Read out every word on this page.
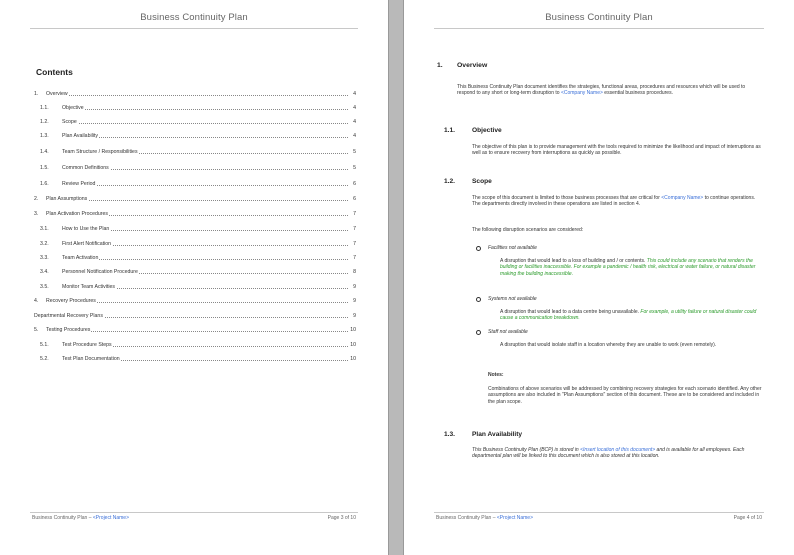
Business Continuity Plan
Contents
1. Overview	4
1.1.	Objective	4
1.2.	Scope	4
1.3.	Plan Availability	4
1.4.	Team Structure / Responsibilities	5
1.5.	Common Definitions	5
1.6.	Review Period	6
2. Plan Assumptions	6
3. Plan Activation Procedures	7
3.1.	How to Use the Plan	7
3.2.	First Alert Notification	7
3.3.	Team Activation	7
3.4.	Personnel Notification Procedure	8
3.5.	Monitor Team Activities	9
4. Recovery Procedures	9
Departmental Recovery Plans	9
5. Testing Procedures	10
5.1.	Test Procedure Steps	10
5.2.	Test Plan Documentation	10
Business Continuity Plan – <Project Name>	Page 3 of 10
Business Continuity Plan
1. Overview
This Business Continuity Plan document identifies the strategies, functional areas, procedures and resources which will be used to respond to any short or long-term disruption to <Company Name> essential business procedures.
1.1.	Objective
The objective of this plan is to provide management with the tools required to minimize the likelihood and impact of interruptions as well as to ensure recovery from interruptions as quickly as possible.
1.2.	Scope
The scope of this document is limited to those business processes that are critical for <Company Name> to continue operations. The departments directly involved in these operations are listed in section 4.
The following disruption scenarios are considered:
Facilities not available
A disruption that would lead to a loss of building and / or contents. This could include any scenario that renders the building or facilities inaccessible. For example a pandemic / health risk, electrical or water failure, or natural disaster making the building inaccessible.
Systems not available
A disruption that would lead to a data centre being unavailable. For example, a utility failure or natural disaster could cause a communication breakdown.
Staff not available
A disruption that would isolate staff in a location whereby they are unable to work (even remotely).
Notes:
Combinations of above scenarios will be addressed by combining recovery strategies for each scenario identified. Any other assumptions are also included in "Plan Assumptions" section of this document. These are to be considered and included in the plan scope.
1.3.	Plan Availability
This Business Continuity Plan (BCP) is stored in <Insert location of this document> and is available for all employees. Each departmental plan will be linked to this document which is also stored at this location.
Business Continuity Plan – <Project Name>	Page 4 of 10
